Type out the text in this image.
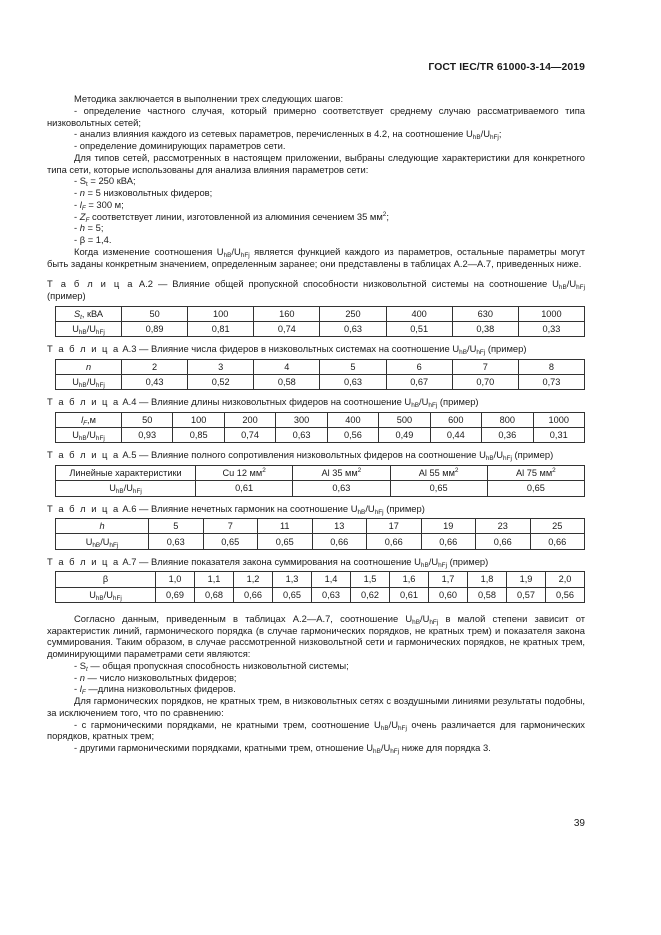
ГОСТ IEC/TR 61000-3-14—2019

Методика заключается в выполнении трех следующих шагов:

- определение частного случая, который примерно соответствует среднему случаю рассматриваемого типа низковольтных сетей;

- анализ влияния каждого из сетевых параметров, перечисленных в 4.2, на соотношение $U_{hB}/U_{hFj}$;

- определение доминирующих параметров сети.

Для типов сетей, рассмотренных в настоящем приложении, выбраны следующие характеристики для конкретного типа сети, которые использованы для анализа влияния параметров сети:

- $S_t = 250$ кВА;

- n = 5 низковольтных фидеров;

- $l_F = 300$ м;

- $Z_F$ соответствует линии, изготовленной из алюминия сечением 35 $мм^2$;

- h = 5;

- β = 1,4.

Когда изменение соотношения $U_{hB}/U_{hFj}$ является функцией каждого из параметров, остальные параметры могут быть заданы конкретным значением, определенным заранее; они представлены в таблицах А.2—А.7, приведенных ниже.

Т а б л и ц а А.2 — Влияние общей пропускной способности низковольтной системы на соотношение $U_{hB}/U_{hFj}$ (пример)

$S_t$, кВА	50	100	160	250	400	630	1000
$U_{hB}/U_{hFj}$	0,89	0,81	0,74	0,63	0,51	0,38	0,33

Т а б л и ц а А.3 — Влияние числа фидеров в низковольтных системах на соотношение $U_{hB}/U_{hFj}$ (пример)

n	2	3	4	5	6	7	8
$U_{hB}/U_{hFj}$	0,43	0,52	0,58	0,63	0,67	0,70	0,73

Т а б л и ц а А.4 — Влияние длины низковольтных фидеров на соотношение $U_{hB}/U_{hFj}$ (пример)

$l_F,м$	50	100	200	300	400	500	600	800	1000
$U_{hB}/U_{hFj}$	0,93	0,85	0,74	0,63	0,56	0,49	0,44	0,36	0,31

Т а б л и ц а А.5 — Влияние полного сопротивления низковольтных фидеров на соотношение $U_{hB}/U_{hFj}$ (пример)

Линейные характеристики	Cu 12 $мм^2$	Al 35 $мм^2$	Al 55 $мм^2$	Al 75 $мм^2$
$U_{hB}/U_{hFj}$	0,61	0,63	0,65	0,65

Т а б л и ц а А.6 — Влияние нечетных гармоник на соотношение $U_{hB}/U_{hFj}$ (пример)

h	5	7	11	13	17	19	23	25
$U_{hB}/U_{hFj}$	0,63	0,65	0,65	0,66	0,66	0,66	0,66	0,66

Т а б л и ц а А.7 — Влияние показателя закона суммирования на соотношение $U_{hB}/U_{hFj}$ (пример)

β	1,0	1,1	1,2	1,3	1,4	1,5	1,6	1,7	1,8	1,9	2,0
$U_{hB}/U_{hFj}$	0,69	0,68	0,66	0,65	0,63	0,62	0,61	0,60	0,58	0,57	0,56

Согласно данным, приведенным в таблицах А.2—А.7, соотношение $U_{hB}/U_{hFj}$ в малой степени зависит от характеристик линий, гармонического порядка (в случае гармонических порядков, не кратных трем) и показателя закона суммирования. Таким образом, в случае рассмотренной низковольтной сети и гармонических порядков, не кратных трем, доминирующими параметрами сети являются:

- $S_t$ — общая пропускная способность низковольтной системы;

- n — число низковольтных фидеров;

- $l_F$ —длина низковольтных фидеров.

Для гармонических порядков, не кратных трем, в низковольтных сетях с воздушными линиями результаты подобны, за исключением того, что по сравнению:

- с гармоническими порядками, не кратными трем, соотношение $U_{hB}/U_{hFj}$ очень различается для гармонических порядков, кратных трем;

- другими гармоническими порядками, кратными трем, отношение $U_{hB}/U_{hFj}$ ниже для порядка 3.

39
